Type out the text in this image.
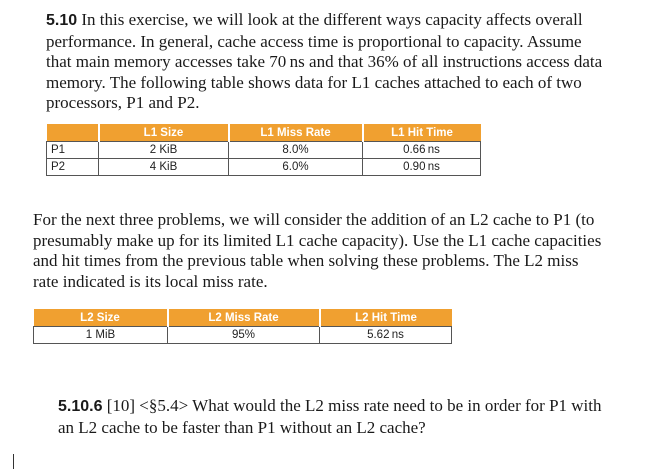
5.10 In this exercise, we will look at the different ways capacity affects overall
performance. In general, cache access time is proportional to capacity. Assume
that main memory accesses take 70 ns and that 36% of all instructions access data
memory. The following table shows data for L1 caches attached to each of two
processors, P1 and P2.
	L1 Size	L1 Miss Rate	L1 Hit Time
P1	2 KiB	8.0%	0.66 ns
P2	4 KiB	6.0%	0.90 ns
For the next three problems, we will consider the addition of an L2 cache to P1 (to
presumably make up for its limited L1 cache capacity). Use the L1 cache capacities
and hit times from the previous table when solving these problems. The L2 miss
rate indicated is its local miss rate.
L2 Size	L2 Miss Rate	L2 Hit Time
1 MiB	95%	5.62 ns
5.10.6 [10] <§5.4> What would the L2 miss rate need to be in order for P1 with
an L2 cache to be faster than P1 without an L2 cache?
